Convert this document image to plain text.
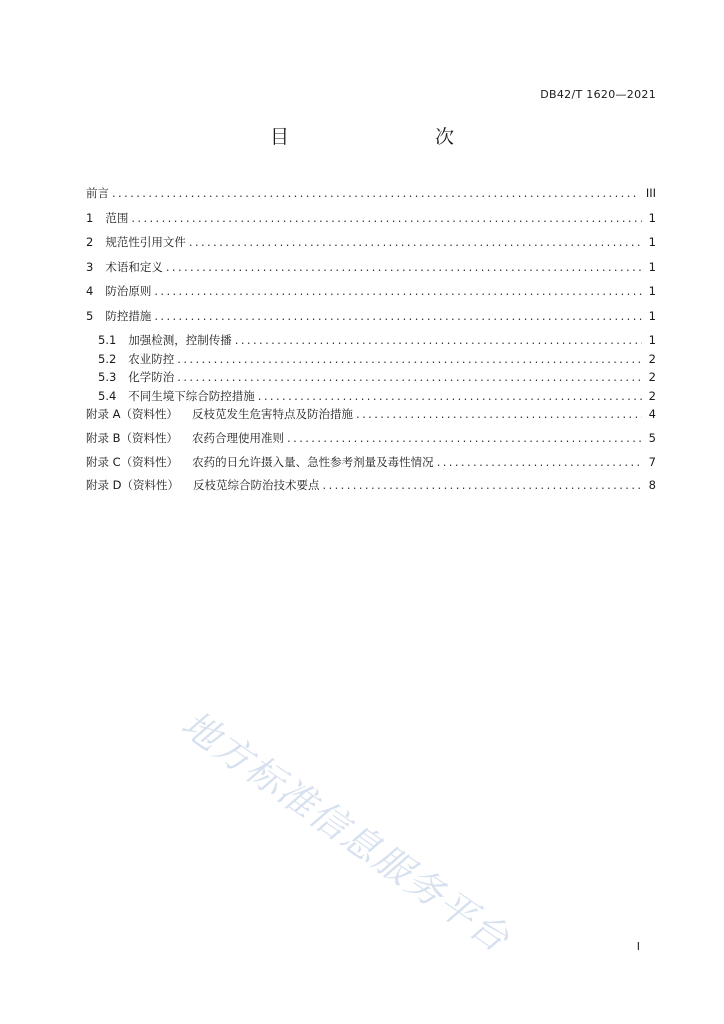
DB42/T 1620—2021
目　　次
前言 .....	III
1 范围 .....	1
2 规范性引用文件 .....	1
3 术语和定义 .....	1
4 防治原则 .....	1
5 防控措施 .....	1
5.1 加强检测，控制传播 .....	1
5.2 农业防控 .....	2
5.3 化学防治 .....	2
5.4 不同生境下综合防控措施 .....	2
附录 A （资料性） 反枝苋发生危害特点及防治措施 .....	4
附录 B （资料性） 农药合理使用准则 .....	5
附录 C （资料性） 农药的日允许摄入量、急性参考剂量及毒性情况 .....	7
附录 D （资料性） 反枝苋综合防治技术要点 .....	8
地方标准信息服务平台	I
